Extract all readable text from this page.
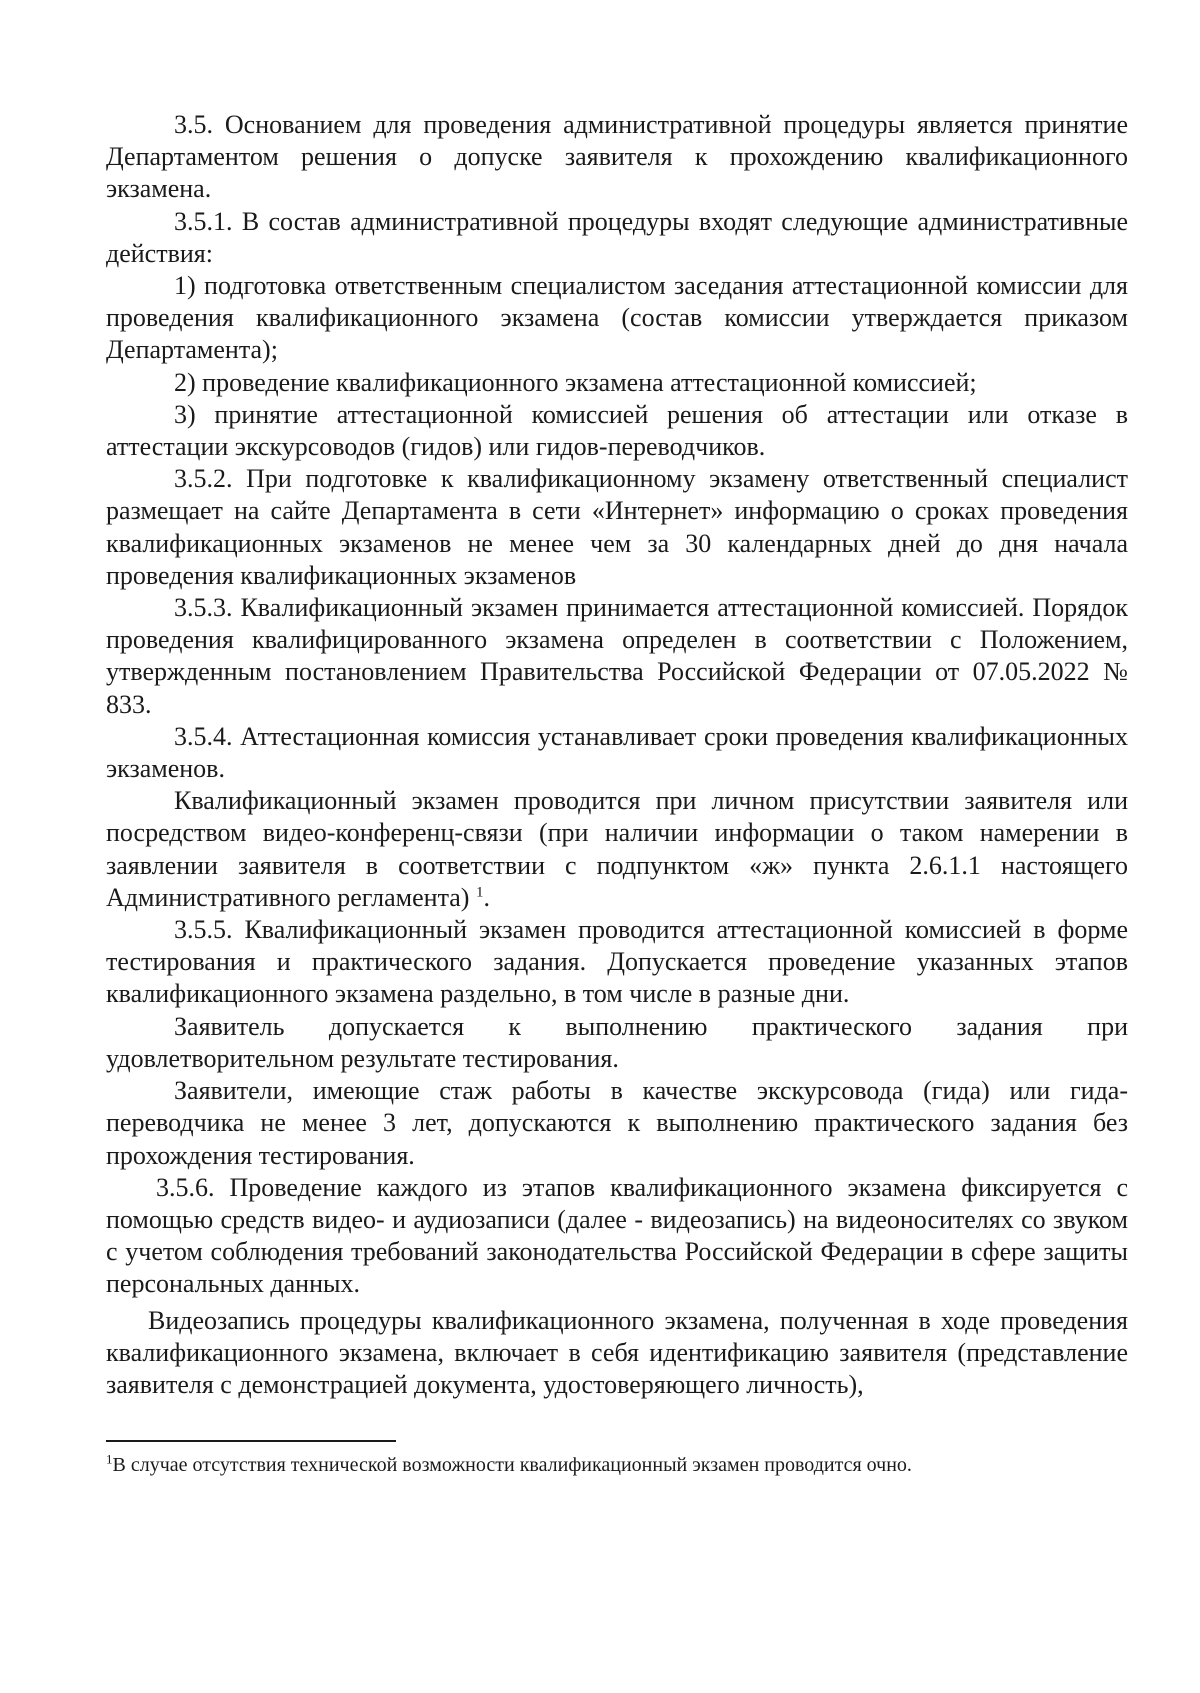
3.5. Основанием для проведения административной процедуры является принятие Департаментом решения о допуске заявителя к прохождению квалификационного экзамена.

3.5.1. В состав административной процедуры входят следующие административные действия:

1) подготовка ответственным специалистом заседания аттестационной комиссии для проведения квалификационного экзамена (состав комиссии утверждается приказом Департамента);

2) проведение квалификационного экзамена аттестационной комиссией;

3) принятие аттестационной комиссией решения об аттестации или отказе в аттестации экскурсоводов (гидов) или гидов-переводчиков.

3.5.2. При подготовке к квалификационному экзамену ответственный специалист размещает на сайте Департамента в сети «Интернет» информацию о сроках проведения квалификационных экзаменов не менее чем за 30 календарных дней до дня начала проведения квалификационных экзаменов

3.5.3. Квалификационный экзамен принимается аттестационной комиссией. Порядок проведения квалифицированного экзамена определен в соответствии с Положением, утвержденным постановлением Правительства Российской Федерации от 07.05.2022 № 833.

3.5.4. Аттестационная комиссия устанавливает сроки проведения квалификационных экзаменов.

Квалификационный экзамен проводится при личном присутствии заявителя или посредством видео-конференц-связи (при наличии информации о таком намерении в заявлении заявителя в соответствии с подпунктом «ж» пункта 2.6.1.1 настоящего Административного регламента) $^1$.

3.5.5. Квалификационный экзамен проводится аттестационной комиссией в форме тестирования и практического задания. Допускается проведение указанных этапов квалификационного экзамена раздельно, в том числе в разные дни.

Заявитель допускается к выполнению практического задания при удовлетворительном результате тестирования.

Заявители, имеющие стаж работы в качестве экскурсовода (гида) или гида-переводчика не менее 3 лет, допускаются к выполнению практического задания без прохождения тестирования.

3.5.6. Проведение каждого из этапов квалификационного экзамена фиксируется с помощью средств видео- и аудиозаписи (далее - видеозапись) на видеоносителях со звуком с учетом соблюдения требований законодательства Российской Федерации в сфере защиты персональных данных.

Видеозапись процедуры квалификационного экзамена, полученная в ходе проведения квалификационного экзамена, включает в себя идентификацию заявителя (представление заявителя с демонстрацией документа, удостоверяющего личность),

$^1$В случае отсутствия технической возможности квалификационный экзамен проводится очно.
